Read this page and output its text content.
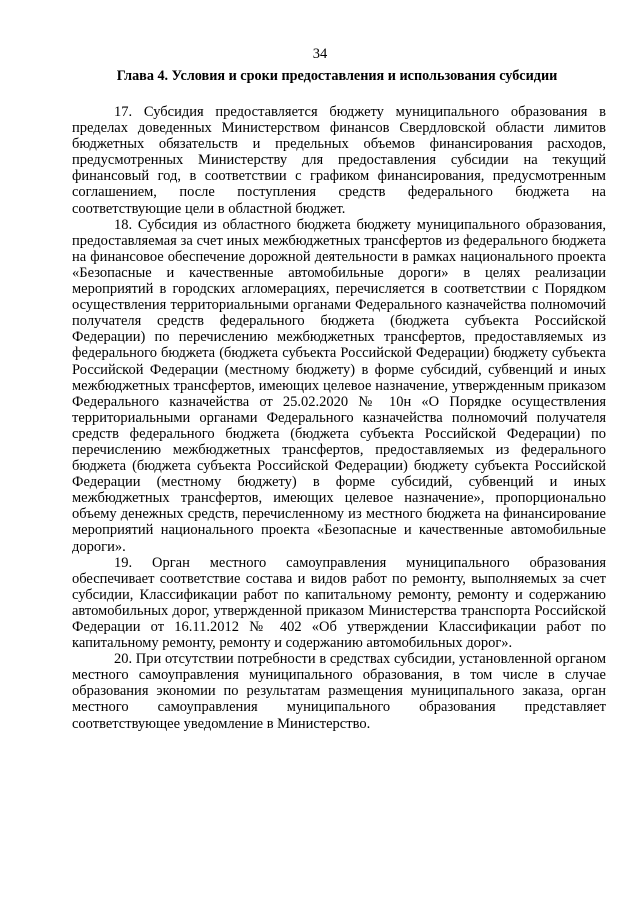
34
Глава 4. Условия и сроки предоставления и использования субсидии

17. Субсидия предоставляется бюджету муниципального образования в пределах доведенных Министерством финансов Свердловской области лимитов бюджетных обязательств и предельных объемов финансирования расходов, предусмотренных Министерству для предоставления субсидии на текущий финансовый год, в соответствии с графиком финансирования, предусмотренным соглашением, после поступления средств федерального бюджета на соответствующие цели в областной бюджет.

18. Субсидия из областного бюджета бюджету муниципального образования, предоставляемая за счет иных межбюджетных трансфертов из федерального бюджета на финансовое обеспечение дорожной деятельности в рамках национального проекта «Безопасные и качественные автомобильные дороги» в целях реализации мероприятий в городских агломерациях, перечисляется в соответствии с Порядком осуществления территориальными органами Федерального казначейства полномочий получателя средств федерального бюджета (бюджета субъекта Российской Федерации) по перечислению межбюджетных трансфертов, предоставляемых из федерального бюджета (бюджета субъекта Российской Федерации) бюджету субъекта Российской Федерации (местному бюджету) в форме субсидий, субвенций и иных межбюджетных трансфертов, имеющих целевое назначение, утвержденным приказом Федерального казначейства от 25.02.2020 № 10н «О Порядке осуществления территориальными органами Федерального казначейства полномочий получателя средств федерального бюджета (бюджета субъекта Российской Федерации) по перечислению межбюджетных трансфертов, предоставляемых из федерального бюджета (бюджета субъекта Российской Федерации) бюджету субъекта Российской Федерации (местному бюджету) в форме субсидий, субвенций и иных межбюджетных трансфертов, имеющих целевое назначение», пропорционально объему денежных средств, перечисленному из местного бюджета на финансирование мероприятий национального проекта «Безопасные и качественные автомобильные дороги».

19. Орган местного самоуправления муниципального образования обеспечивает соответствие состава и видов работ по ремонту, выполняемых за счет субсидии, Классификации работ по капитальному ремонту, ремонту и содержанию автомобильных дорог, утвержденной приказом Министерства транспорта Российской Федерации от 16.11.2012 № 402 «Об утверждении Классификации работ по капитальному ремонту, ремонту и содержанию автомобильных дорог».

20. При отсутствии потребности в средствах субсидии, установленной органом местного самоуправления муниципального образования, в том числе в случае образования экономии по результатам размещения муниципального заказа, орган местного самоуправления муниципального образования представляет соответствующее уведомление в Министерство.
